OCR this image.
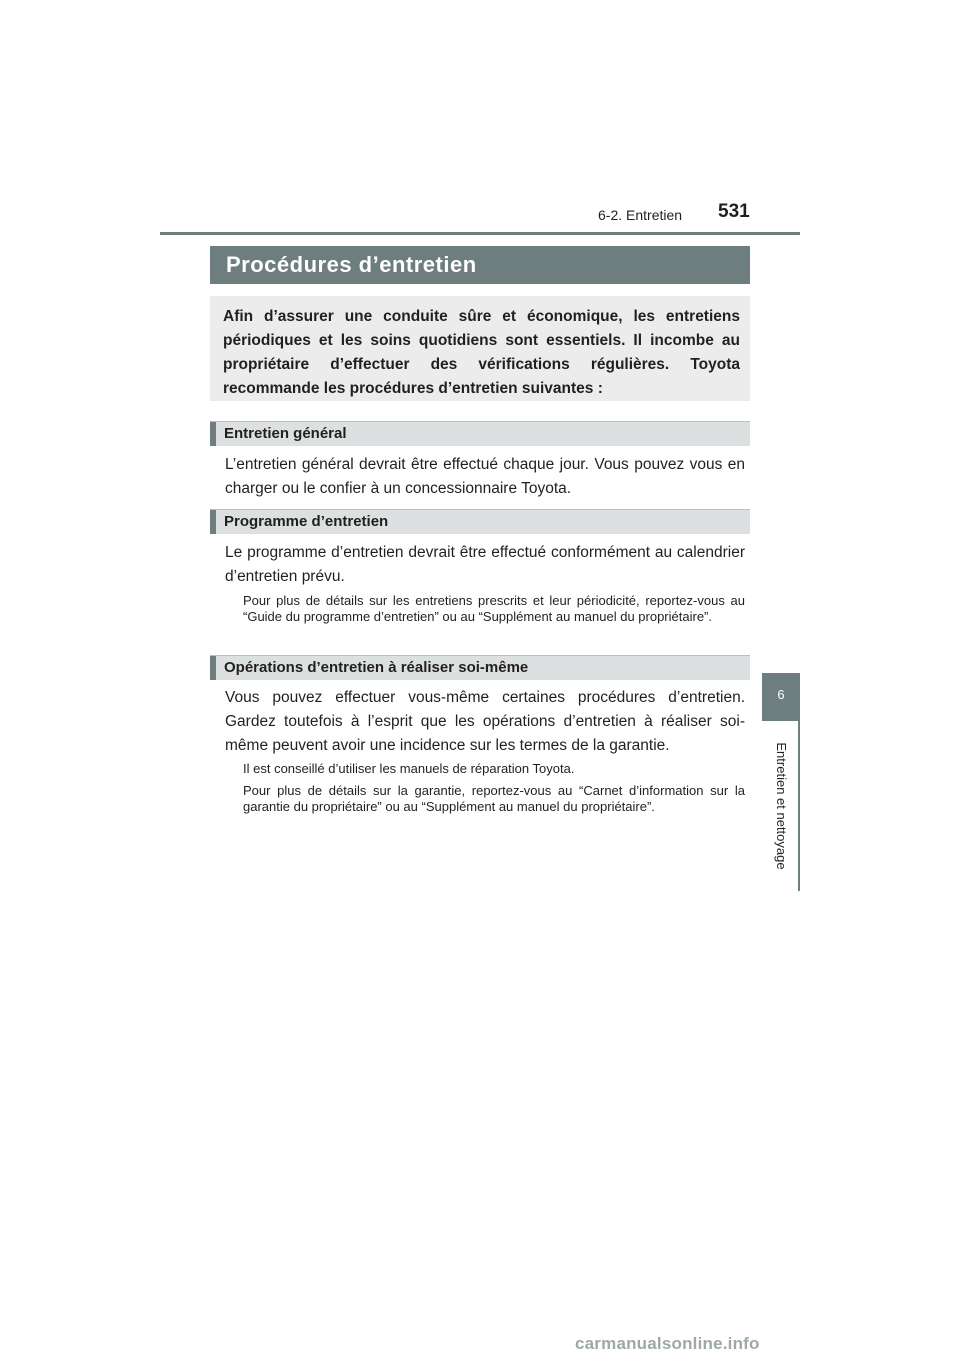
6-2. Entretien 531
6
Entretien et nettoyage
Procédures d’entretien

Afin d’assurer une conduite sûre et économique, les entretiens périodiques et les soins quotidiens sont essentiels. Il incombe au propriétaire d’effectuer des vérifications régulières. Toyota recommande les procédures d’entretien suivantes :

Entretien général

L’entretien général devrait être effectué chaque jour. Vous pouvez vous en charger ou le confier à un concessionnaire Toyota.

Programme d’entretien

Le programme d’entretien devrait être effectué conformément au calendrier d’entretien prévu.

Pour plus de détails sur les entretiens prescrits et leur périodicité, reportez-vous au “Guide du programme d’entretien” ou au “Supplément au manuel du propriétaire”.

Opérations d’entretien à réaliser soi-même

Vous pouvez effectuer vous-même certaines procédures d’entretien. Gardez toutefois à l’esprit que les opérations d’entretien à réaliser soi-même peuvent avoir une incidence sur les termes de la garantie.

Il est conseillé d’utiliser les manuels de réparation Toyota.

Pour plus de détails sur la garantie, reportez-vous au “Carnet d’information sur la garantie du propriétaire” ou au “Supplément au manuel du propriétaire”.

carmanualsonline.info
